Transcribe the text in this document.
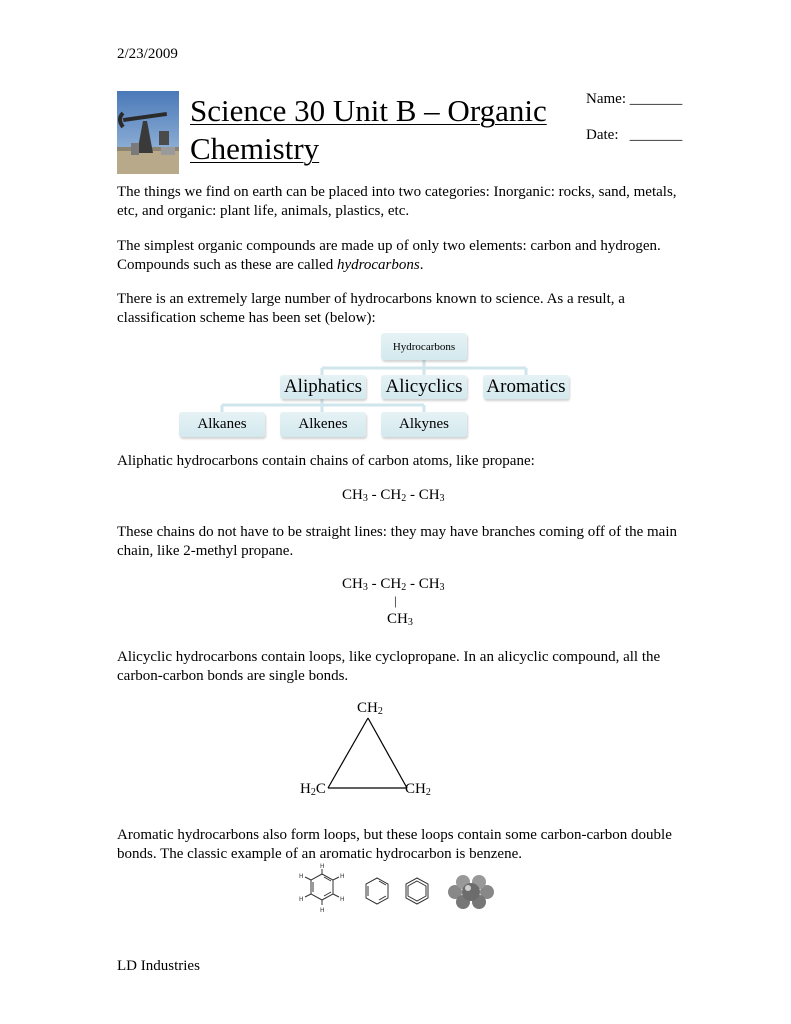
2/23/2009
Science 30 Unit B – Organic
Chemistry
Name: _______
Date:   _______
The things we find on earth can be placed into two categories: Inorganic: rocks, sand, metals, etc, and organic: plant life, animals, plastics, etc.
The simplest organic compounds are made up of only two elements: carbon and hydrogen. Compounds such as these are called hydrocarbons.
There is an extremely large number of hydrocarbons known to science. As a result, a classification scheme has been set (below):
Hydrocarbons
Aliphatics Alicyclics Aromatics
Alkanes	Alkenes	Alkynes
Aliphatic hydrocarbons contain chains of carbon atoms, like propane:
$CH_3 - CH_2 - CH_3$
These chains do not have to be straight lines: they may have branches coming off of the main chain, like 2-methyl propane.
$CH_3 - CH_2 - CH_3$
|
$CH_3$
Alicyclic hydrocarbons contain loops, like cyclopropane. In an alicyclic compound, all the carbon-carbon bonds are single bonds.
$CH_2$
$H_2C$	$CH_2$
Aromatic hydrocarbons also form loops, but these loops contain some carbon-carbon double bonds. The classic example of an aromatic hydrocarbon is benzene.
H
H
H
H
H
H
LD Industries
